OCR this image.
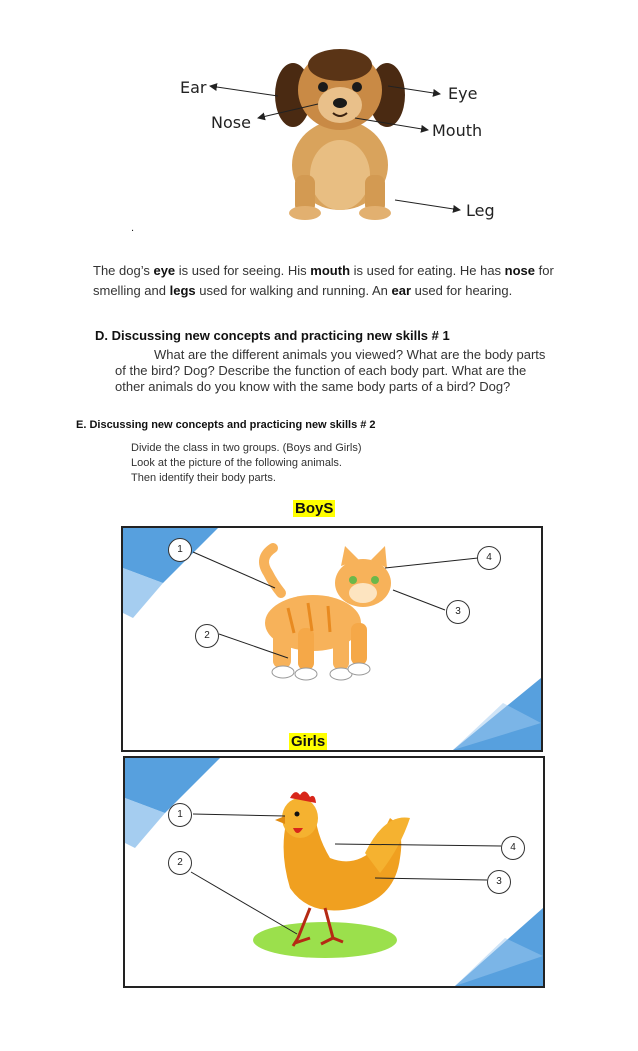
Ear
Nose
Eye
Mouth
Leg
.
The dog’s eye is used for seeing. His mouth is used for eating. He has nose for smelling and legs used for walking and running. An ear used for hearing.
D. Discussing new concepts and practicing new skills # 1
What are the different animals you viewed? What are the body parts
of the bird? Dog? Describe the function of each body part. What are the
other animals do you know with the same body parts of a bird? Dog?
E. Discussing new concepts and practicing new skills # 2
Divide the class in two groups. (Boys and Girls)
Look at the picture of the following animals.
Then identify their body parts.
BoyS
1
2
3
4
Girls
1
2
3
4
